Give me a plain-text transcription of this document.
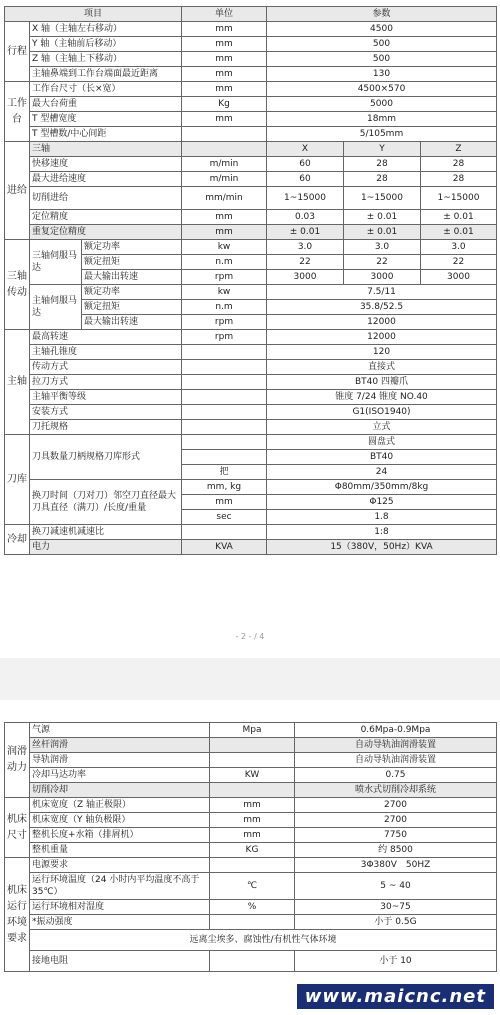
项目			单位	参数		
行程	X 轴（主轴左右移动）		mm	4500		
	Y 轴（主轴前后移动）		mm	500		
	Z 轴（主轴上下移动）		mm	500		
	主轴鼻端到工作台端面最近距离		mm	130		
工作台	工作台尺寸（长×宽）		mm	4500×570		
	最大台荷重		Kg	5000		
	T 型槽宽度		mm	18mm		
	T 型槽数/中心间距			5/105mm		
进给	三轴			X	Y	Z
	快移速度		m/min	60	28	28
	最大进给速度		m/min	60	28	28
	切削进给		mm/min	1~15000	1~15000	1~15000
	定位精度		mm	0.03	± 0.01	± 0.01
	重复定位精度		mm	± 0.01	± 0.01	± 0.01
三轴传动	三轴伺服马达	额定功率	kw	3.0	3.0	3.0
		额定扭矩	n.m	22	22	22
		最大输出转速	rpm	3000	3000	3000
	主轴伺服马达	额定功率	kw	7.5/11		
		额定扭矩	n.m	35.8/52.5		
		最大输出转速	rpm	12000		
主轴	最高转速		rpm	12000		
	主轴孔锥度			120		
	传动方式			直接式		
	拉刀方式			BT40 四瓣爪		
	主轴平衡等级			锥度 7/24 锥度 NO.40		
	安装方式			G1(ISO1940)		
	刀托规格			立式		
刀库	刀具数量刀柄规格刀库形式			圆盘式		
				BT40		
			把	24		
	换刀时间（刀对刀）邻空刀直径最大刀具直径（满刀）/长度/重量		mm, kg	Φ80mm/350mm/8kg		
			mm	Φ125		
			sec	1.8		
冷却	换刀减速机减速比			1:8		
	电力		KVA	15（380V，50Hz）KVA		
- 2 - / 4
润滑动力	气源	Mpa	0.6Mpa-0.9Mpa
	丝杆润滑		自动导轨油润滑装置
	导轨润滑		自动导轨油润滑装置
	冷却马达功率	KW	0.75
	切削冷却		喷水式切削冷却系统
机床尺寸	机床宽度（Z 轴正极限）	mm	2700
	机床宽度（Y 轴负极限）	mm	2700
	整机长度+水箱（排屑机）	mm	7750
	整机重量	KG	约 8500
机床运行环境要求	电源要求		3Φ380V　50HZ
	运行环境温度（24 小时内平均温度不高于 35℃）	℃	5 ~ 40
	运行环境相对湿度	%	30~75
	*振动强度		小于 0.5G
	远离尘埃多、腐蚀性/有机性气体环境		
	接地电阻		小于 10
www.maicnc.net
